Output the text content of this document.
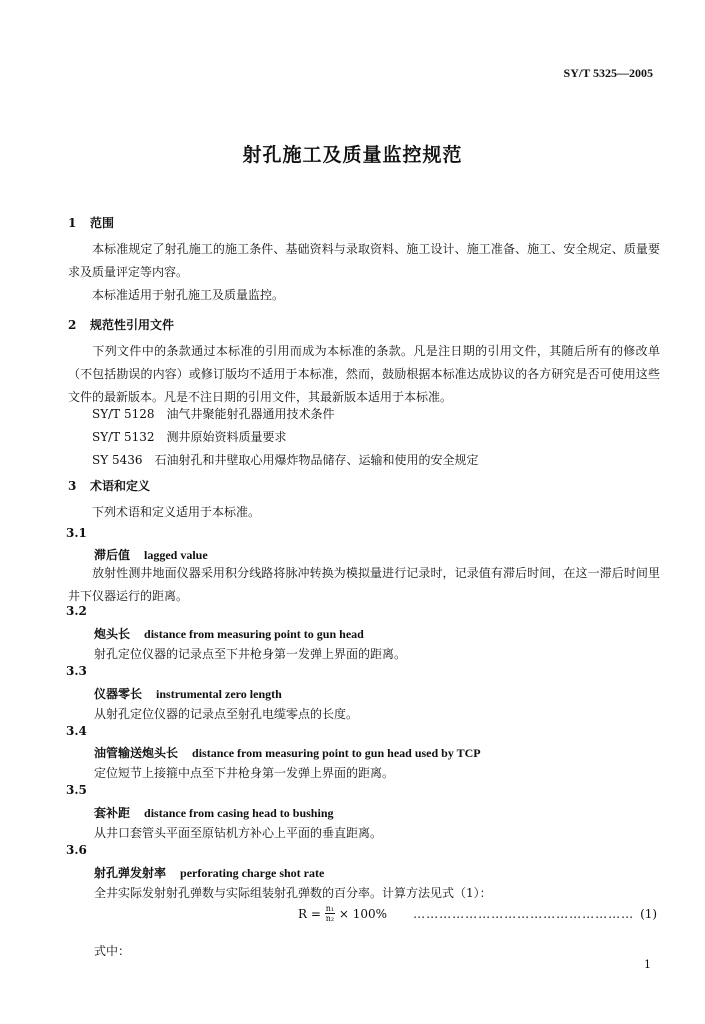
SY/T 5325—2005
射孔施工及质量监控规范
1 范围
本标准规定了射孔施工的施工条件、基础资料与录取资料、施工设计、施工准备、施工、安全规定、质量要求及质量评定等内容。
本标准适用于射孔施工及质量监控。
2 规范性引用文件
下列文件中的条款通过本标准的引用而成为本标准的条款。凡是注日期的引用文件，其随后所有的修改单（不包括勘误的内容）或修订版均不适用于本标准，然而，鼓励根据本标准达成协议的各方研究是否可使用这些文件的最新版本。凡是不注日期的引用文件，其最新版本适用于本标准。
SY/T 5128　油气井聚能射孔器通用技术条件
SY/T 5132　测井原始资料质量要求
SY 5436　石油射孔和井壁取心用爆炸物品储存、运输和使用的安全规定
3 术语和定义
下列术语和定义适用于本标准。
3.1
滞后值 lagged value
放射性测井地面仪器采用积分线路将脉冲转换为模拟量进行记录时，记录值有滞后时间，在这一滞后时间里井下仪器运行的距离。
3.2
炮头长 distance from measuring point to gun head
射孔定位仪器的记录点至下井枪身第一发弹上界面的距离。
3.3
仪器零长 instrumental zero length
从射孔定位仪器的记录点至射孔电缆零点的长度。
3.4
油管输送炮头长 distance from measuring point to gun head used by TCP
定位短节上接箍中点至下井枪身第一发弹上界面的距离。
3.5
套补距 distance from casing head to bushing
从井口套管头平面至原钻机方补心上平面的垂直距离。
3.6
射孔弹发射率 perforating charge shot rate
全井实际发射射孔弹数与实际组装射孔弹数的百分率。计算方法见式（1）：
$R = \frac{\text{n₁}}{\text{n₂}} \times 100\%$ …………………………………………… (1)
式中：
1
